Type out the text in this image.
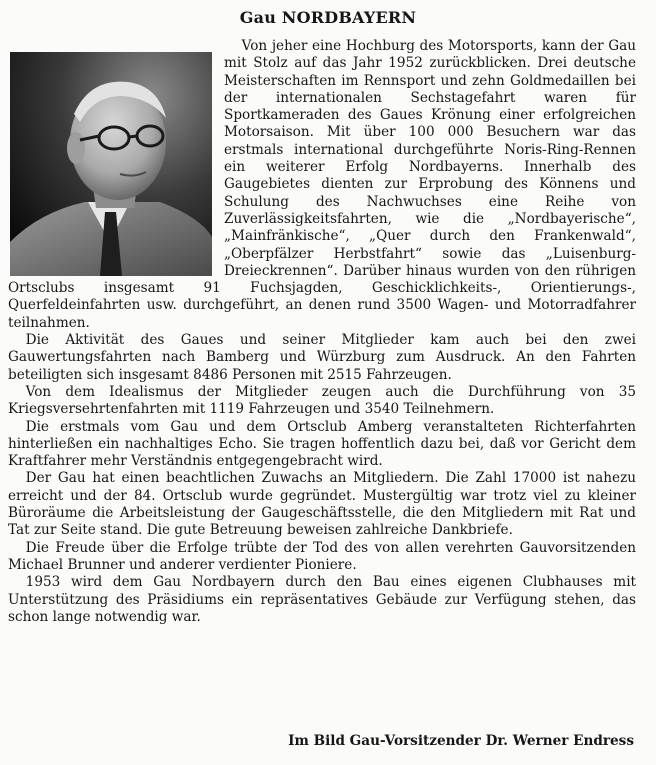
Gau NORDBAYERN

Von jeher eine Hochburg des Motorsports, kann der Gau mit Stolz auf das Jahr 1952 zurückblicken. Drei deutsche Meisterschaften im Rennsport und zehn Goldmedaillen bei der internationalen Sechstagefahrt waren für Sportkameraden des Gaues Krönung einer erfolgreichen Motorsaison. Mit über 100 000 Besuchern war das erstmals international durchgeführte Noris-Ring-Rennen ein weiterer Erfolg Nordbayerns. Innerhalb des Gaugebietes dienten zur Erprobung des Könnens und Schulung des Nachwuchses eine Reihe von Zuverlässigkeitsfahrten, wie die „Nordbayerische“, „Mainfränkische“, „Quer durch den Frankenwald“, „Oberpfälzer Herbstfahrt“ sowie das „Luisenburg-Dreieckrennen“. Darüber hinaus wurden von den rührigen Ortsclubs insgesamt 91 Fuchsjagden, Geschicklichkeits-, Orientierungs-, Querfeldeinfahrten usw. durchgeführt, an denen rund 3500 Wagen- und Motorradfahrer teilnahmen.

Die Aktivität des Gaues und seiner Mitglieder kam auch bei den zwei Gauwertungsfahrten nach Bamberg und Würzburg zum Ausdruck. An den Fahrten beteiligten sich insgesamt 8486 Personen mit 2515 Fahrzeugen.

Von dem Idealismus der Mitglieder zeugen auch die Durchführung von 35 Kriegsversehrtenfahrten mit 1119 Fahrzeugen und 3540 Teilnehmern.

Die erstmals vom Gau und dem Ortsclub Amberg veranstalteten Richterfahrten hinterließen ein nachhaltiges Echo. Sie tragen hoffentlich dazu bei, daß vor Gericht dem Kraftfahrer mehr Verständnis entgegengebracht wird.

Der Gau hat einen beachtlichen Zuwachs an Mitgliedern. Die Zahl 17000 ist nahezu erreicht und der 84. Ortsclub wurde gegründet. Mustergültig war trotz viel zu kleiner Büroräume die Arbeitsleistung der Gaugeschäftsstelle, die den Mitgliedern mit Rat und Tat zur Seite stand. Die gute Betreuung beweisen zahlreiche Dankbriefe.

Die Freude über die Erfolge trübte der Tod des von allen verehrten Gauvorsitzenden Michael Brunner und anderer verdienter Pioniere.

1953 wird dem Gau Nordbayern durch den Bau eines eigenen Clubhauses mit Unterstützung des Präsidiums ein repräsentatives Gebäude zur Verfügung stehen, das schon lange notwendig war.

Im Bild Gau-Vorsitzender Dr. Werner Endress
